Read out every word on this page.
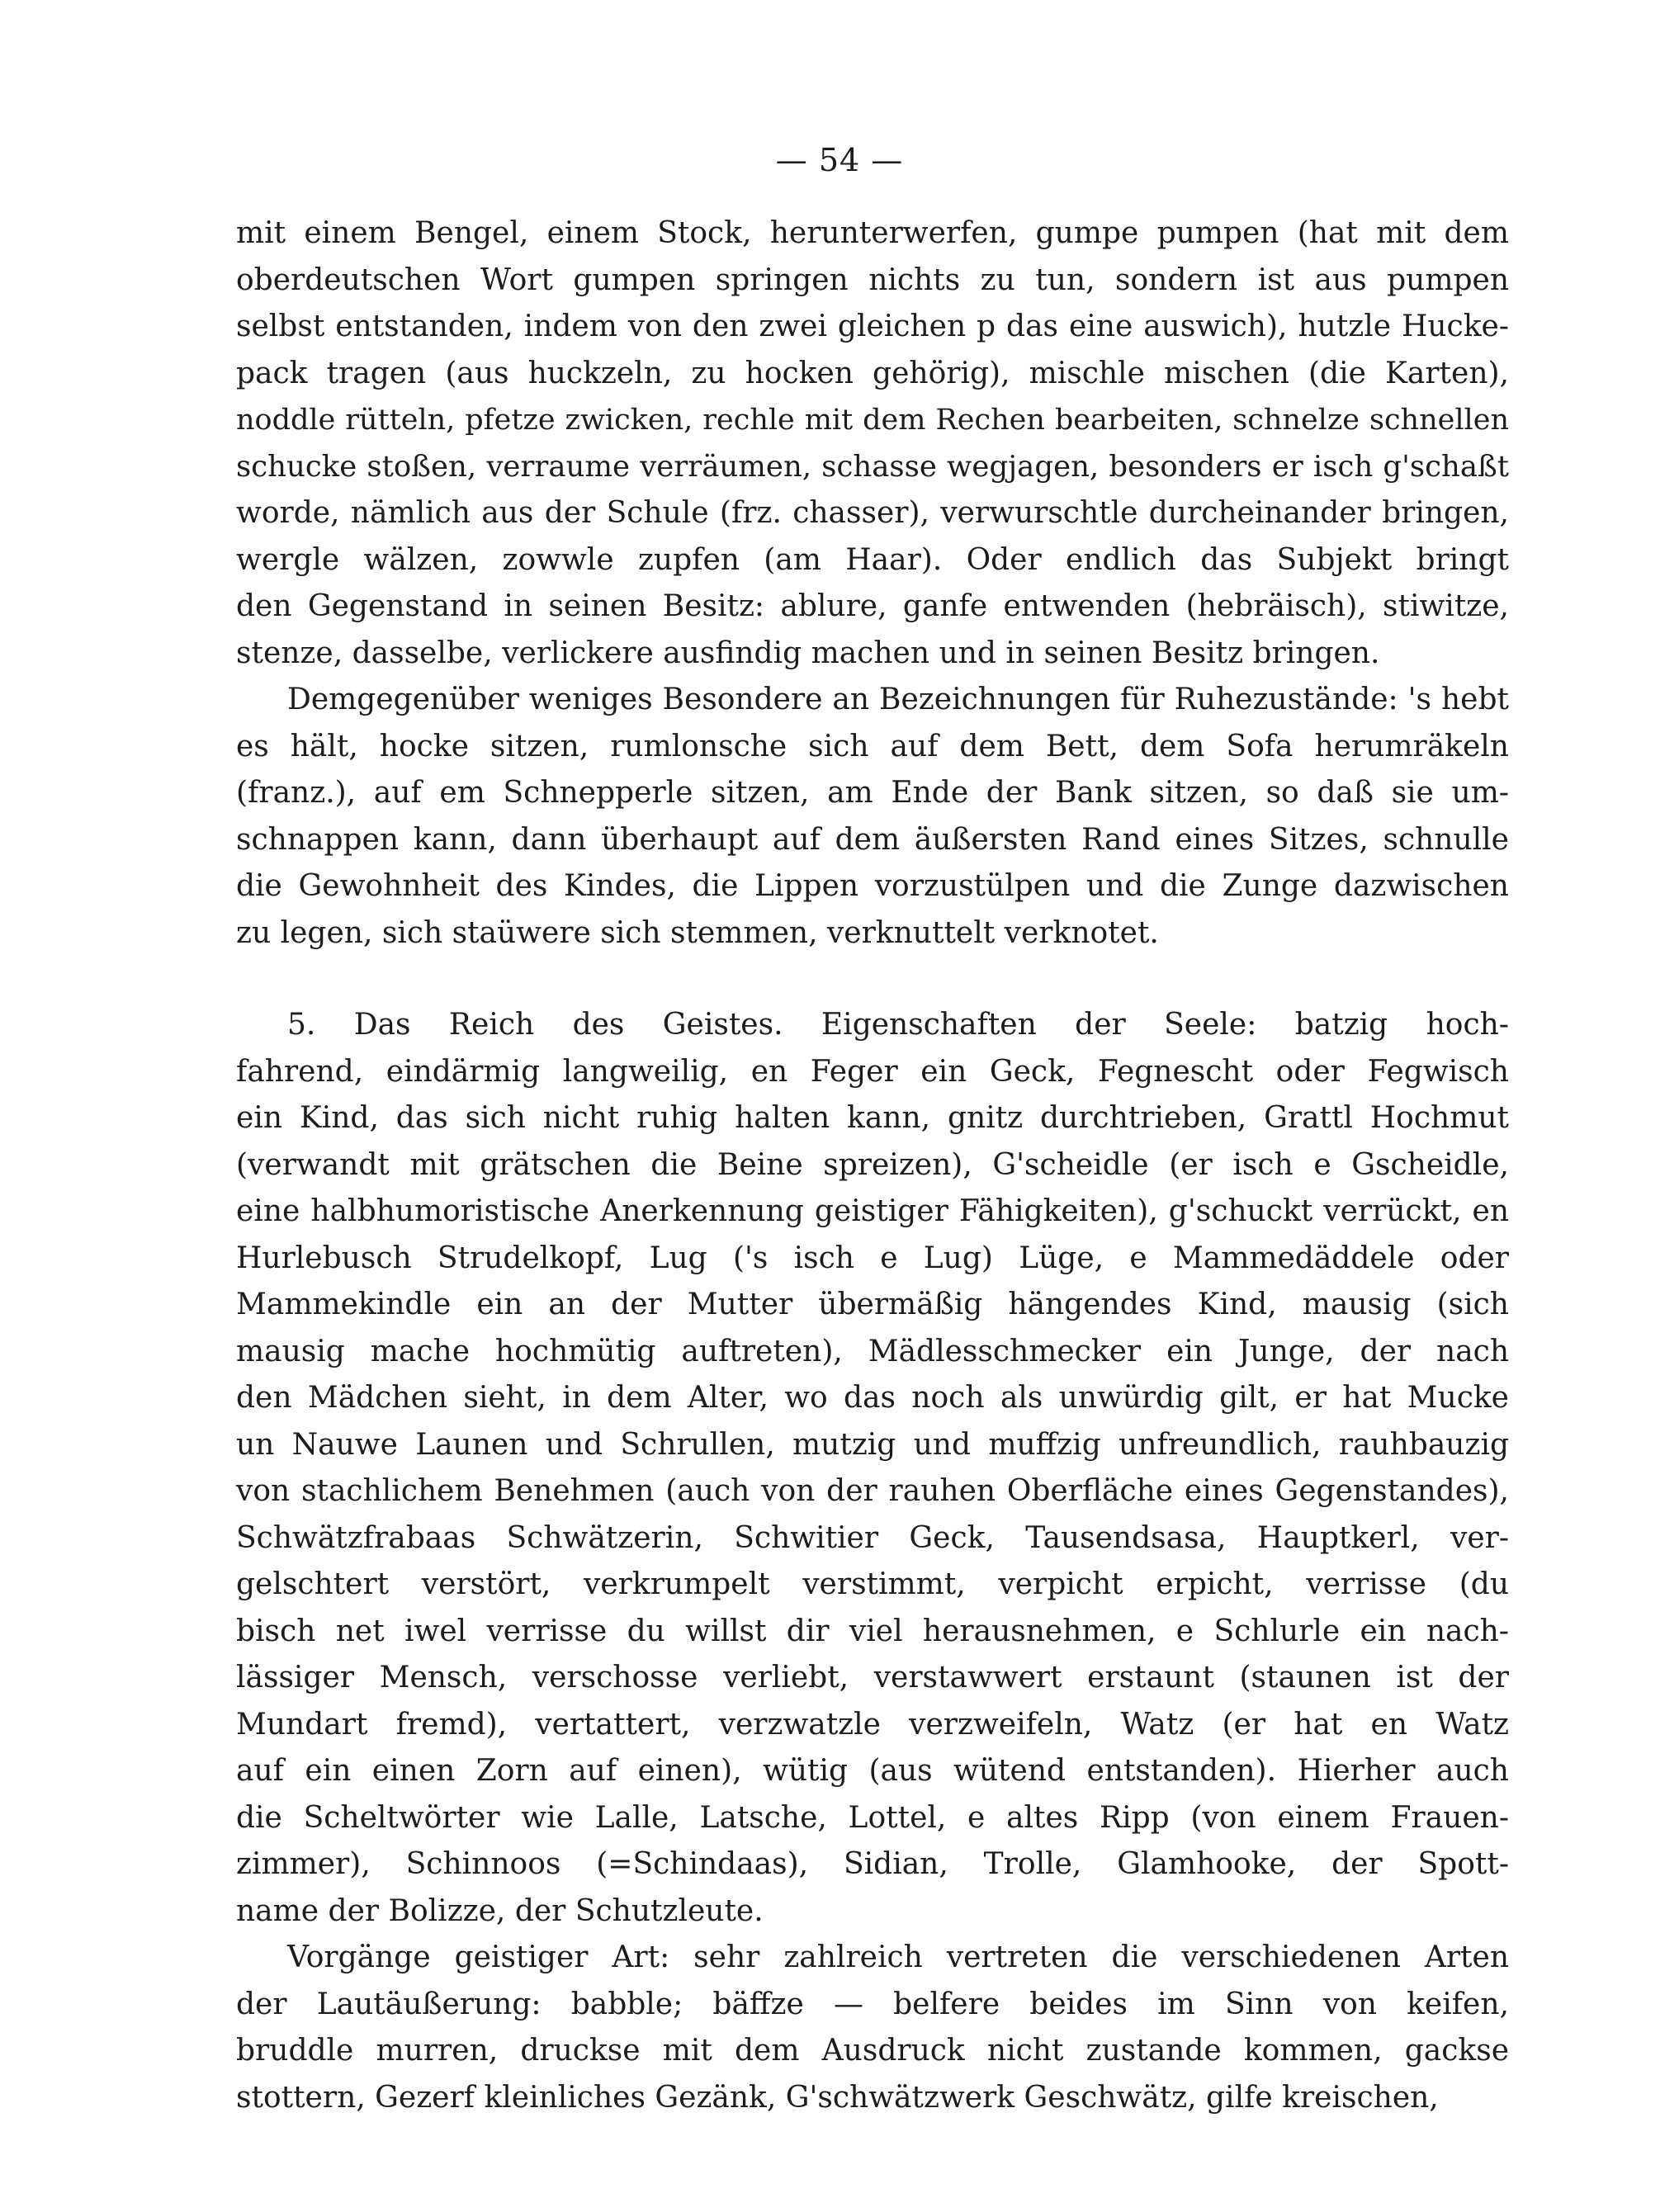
— 54 —
mit einem Bengel, einem Stock, herunterwerfen, gumpe pumpen (hat mit dem
oberdeutschen Wort gumpen springen nichts zu tun, sondern ist aus pumpen
selbst entstanden, indem von den zwei gleichen p das eine auswich), hutzle Hucke-
pack tragen (aus huckzeln, zu hocken gehörig), mischle mischen (die Karten),
noddle rütteln, pfetze zwicken, rechle mit dem Rechen bearbeiten, schnelze schnellen
schucke stoßen, verraume verräumen, schasse wegjagen, besonders er isch g'schaßt
worde, nämlich aus der Schule (frz. chasser), verwurschtle durcheinander bringen,
wergle wälzen, zowwle zupfen (am Haar). Oder endlich das Subjekt bringt
den Gegenstand in seinen Besitz: ablure, ganfe entwenden (hebräisch), stiwitze,
stenze, dasselbe, verlickere ausfindig machen und in seinen Besitz bringen.
Demgegenüber weniges Besondere an Bezeichnungen für Ruhezustände: 's hebt
es hält, hocke sitzen, rumlonsche sich auf dem Bett, dem Sofa herumräkeln
(franz.), auf em Schnepperle sitzen, am Ende der Bank sitzen, so daß sie um-
schnappen kann, dann überhaupt auf dem äußersten Rand eines Sitzes, schnulle
die Gewohnheit des Kindes, die Lippen vorzustülpen und die Zunge dazwischen
zu legen, sich staüwere sich stemmen, verknuttelt verknotet.
5. Das Reich des Geistes. Eigenschaften der Seele: batzig hoch-
fahrend, eindärmig langweilig, en Feger ein Geck, Fegnescht oder Fegwisch
ein Kind, das sich nicht ruhig halten kann, gnitz durchtrieben, Grattl Hochmut
(verwandt mit grätschen die Beine spreizen), G'scheidle (er isch e Gscheidle,
eine halbhumoristische Anerkennung geistiger Fähigkeiten), g'schuckt verrückt, en
Hurlebusch Strudelkopf, Lug ('s isch e Lug) Lüge, e Mammedäddele oder
Mammekindle ein an der Mutter übermäßig hängendes Kind, mausig (sich
mausig mache hochmütig auftreten), Mädlesschmecker ein Junge, der nach
den Mädchen sieht, in dem Alter, wo das noch als unwürdig gilt, er hat Mucke
un Nauwe Launen und Schrullen, mutzig und muffzig unfreundlich, rauhbauzig
von stachlichem Benehmen (auch von der rauhen Oberfläche eines Gegenstandes),
Schwätzfrabaas Schwätzerin, Schwitier Geck, Tausendsasa, Hauptkerl, ver-
gelschtert verstört, verkrumpelt verstimmt, verpicht erpicht, verrisse (du
bisch net iwel verrisse du willst dir viel herausnehmen, e Schlurle ein nach-
lässiger Mensch, verschosse verliebt, verstawwert erstaunt (staunen ist der
Mundart fremd), vertattert, verzwatzle verzweifeln, Watz (er hat en Watz
auf ein einen Zorn auf einen), wütig (aus wütend entstanden). Hierher auch
die Scheltwörter wie Lalle, Latsche, Lottel, e altes Ripp (von einem Frauen-
zimmer), Schinnoos (=Schindaas), Sidian, Trolle, Glamhooke, der Spott-
name der Bolizze, der Schutzleute.
Vorgänge geistiger Art: sehr zahlreich vertreten die verschiedenen Arten
der Lautäußerung: babble; bäffze — belfere beides im Sinn von keifen,
bruddle murren, druckse mit dem Ausdruck nicht zustande kommen, gackse
stottern, Gezerf kleinliches Gezänk, G'schwätzwerk Geschwätz, gilfe kreischen,
